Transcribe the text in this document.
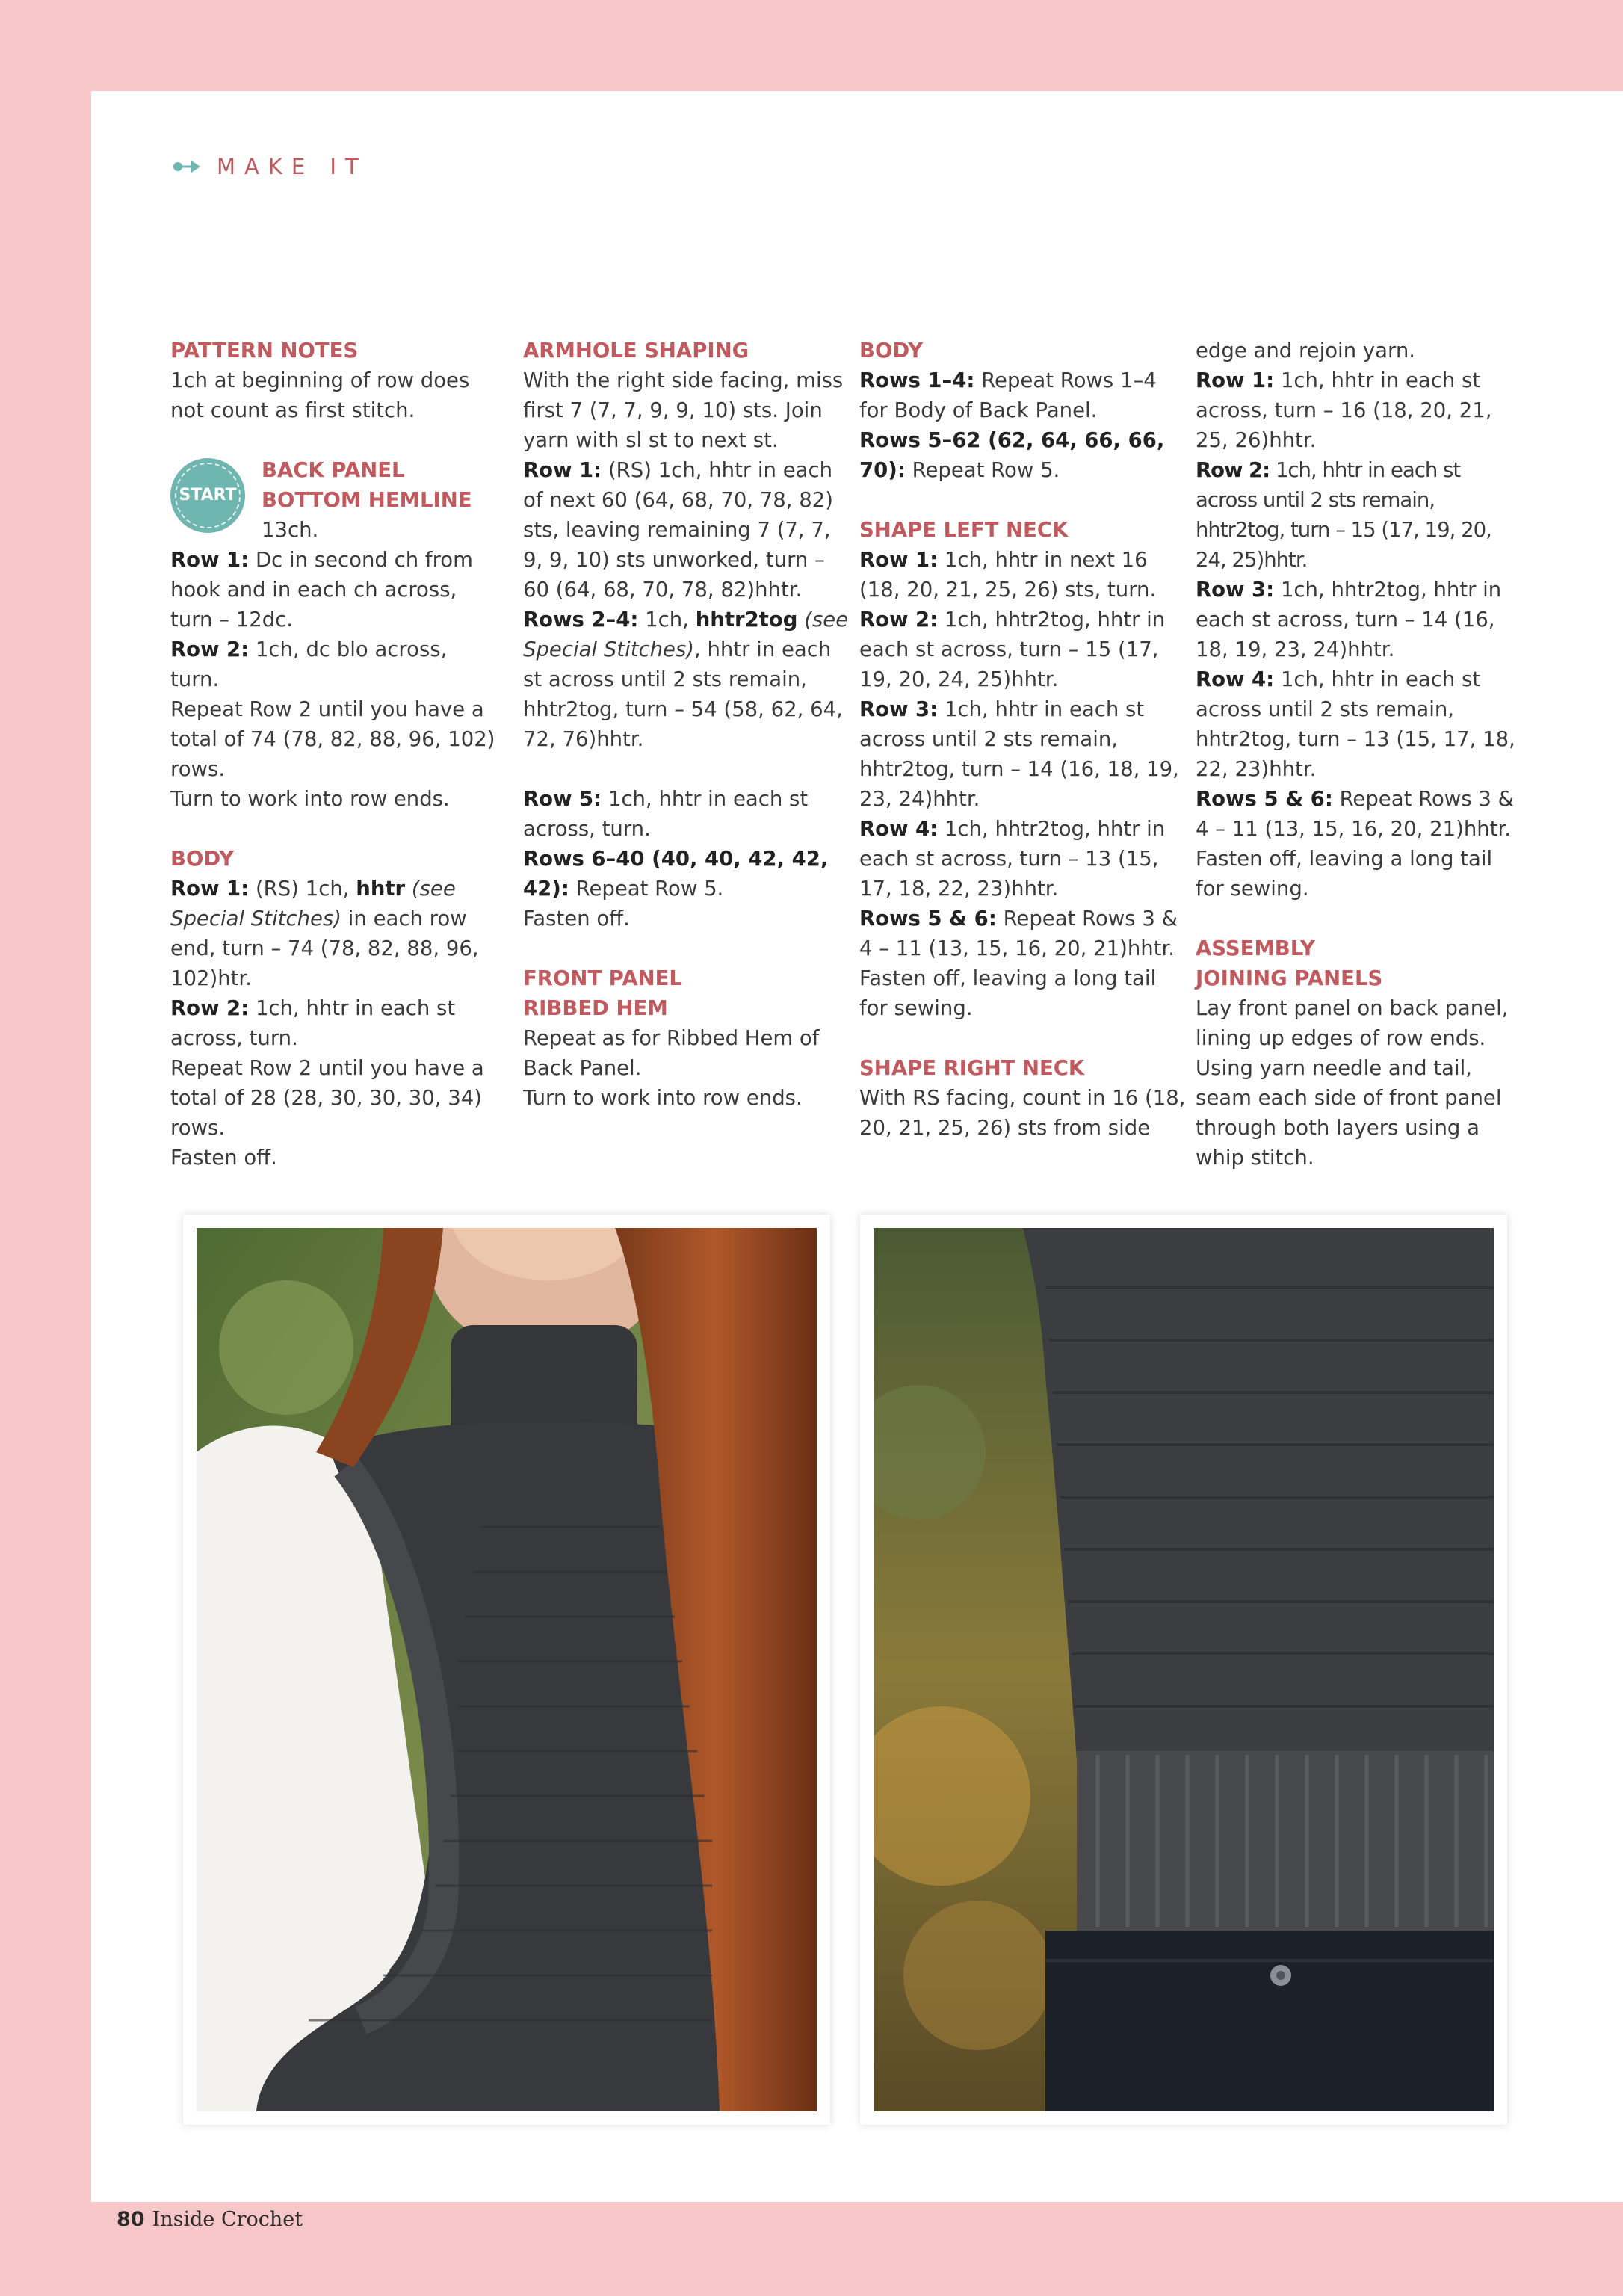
MAKE IT

PATTERN NOTES

1ch at beginning of row does not count as first stitch.

START

BACK PANEL

BOTTOM HEMLINE

13ch.

Row 1: Dc in second ch from hook and in each ch across, turn – 12dc.

Row 2: 1ch, dc blo across, turn.

Repeat Row 2 until you have a total of 74 (78, 82, 88, 96, 102) rows.

Turn to work into row ends.

BODY

Row 1: (RS) 1ch, hhtr (see Special Stitches) in each row end, turn – 74 (78, 82, 88, 96, 102)htr.

Row 2: 1ch, hhtr in each st across, turn.

Repeat Row 2 until you have a total of 28 (28, 30, 30, 30, 34) rows.

Fasten off.

ARMHOLE SHAPING

With the right side facing, miss first 7 (7, 7, 9, 9, 10) sts. Join yarn with sl st to next st.

Row 1: (RS) 1ch, hhtr in each of next 60 (64, 68, 70, 78, 82) sts, leaving remaining 7 (7, 7, 9, 9, 10) sts unworked, turn – 60 (64, 68, 70, 78, 82)hhtr.

Rows 2–4: 1ch, hhtr2tog (see Special Stitches), hhtr in each st across until 2 sts remain, hhtr2tog, turn – 54 (58, 62, 64, 72, 76)hhtr.

Row 5: 1ch, hhtr in each st across, turn.

Rows 6–40 (40, 40, 42, 42, 42): Repeat Row 5.

Fasten off.

FRONT PANEL

RIBBED HEM

Repeat as for Ribbed Hem of Back Panel.

Turn to work into row ends.

BODY

Rows 1–4: Repeat Rows 1–4 for Body of Back Panel.

Rows 5–62 (62, 64, 66, 66, 70): Repeat Row 5.

SHAPE LEFT NECK

Row 1: 1ch, hhtr in next 16 (18, 20, 21, 25, 26) sts, turn.

Row 2: 1ch, hhtr2tog, hhtr in each st across, turn – 15 (17, 19, 20, 24, 25)hhtr.

Row 3: 1ch, hhtr in each st across until 2 sts remain, hhtr2tog, turn – 14 (16, 18, 19, 23, 24)hhtr.

Row 4: 1ch, hhtr2tog, hhtr in each st across, turn – 13 (15, 17, 18, 22, 23)hhtr.

Rows 5 & 6: Repeat Rows 3 & 4 – 11 (13, 15, 16, 20, 21)hhtr.

Fasten off, leaving a long tail for sewing.

SHAPE RIGHT NECK

With RS facing, count in 16 (18, 20, 21, 25, 26) sts from side

edge and rejoin yarn.

Row 1: 1ch, hhtr in each st across, turn – 16 (18, 20, 21, 25, 26)hhtr.

Row 2: 1ch, hhtr in each st across until 2 sts remain, hhtr2tog, turn – 15 (17, 19, 20, 24, 25)hhtr.

Row 3: 1ch, hhtr2tog, hhtr in each st across, turn – 14 (16, 18, 19, 23, 24)hhtr.

Row 4: 1ch, hhtr in each st across until 2 sts remain, hhtr2tog, turn – 13 (15, 17, 18, 22, 23)hhtr.

Rows 5 & 6: Repeat Rows 3 & 4 – 11 (13, 15, 16, 20, 21)hhtr.

Fasten off, leaving a long tail for sewing.

ASSEMBLY

JOINING PANELS

Lay front panel on back panel, lining up edges of row ends. Using yarn needle and tail, seam each side of front panel through both layers using a whip stitch.

80 Inside Crochet
